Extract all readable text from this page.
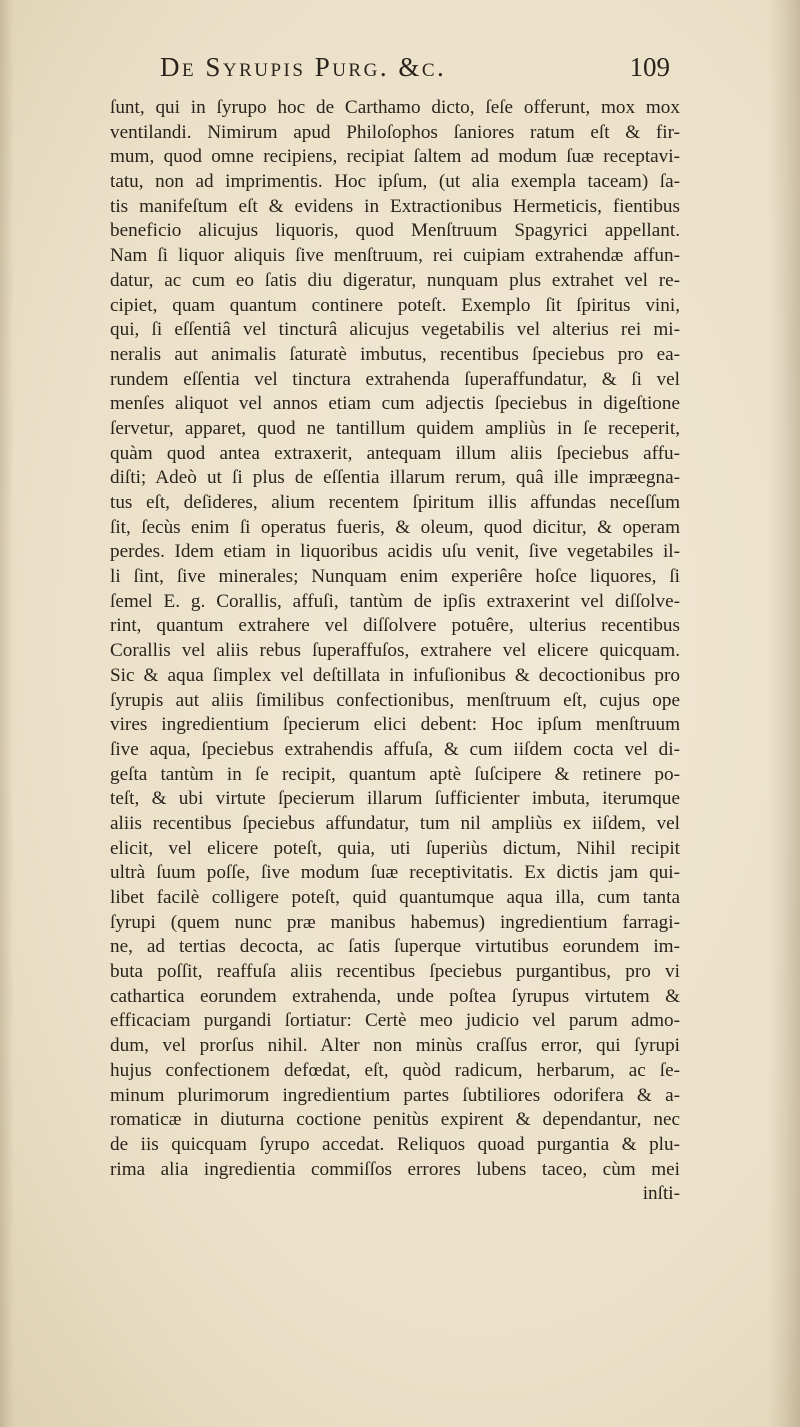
De Syrupis Purg. &c.	109
ſunt, qui in ſyrupo hoc de Carthamo dicto, ſeſe offerunt, mox mox
ventilandi. Nimirum apud Philoſophos ſaniores ratum eſt & fir-
mum, quod omne recipiens, recipiat ſaltem ad modum ſuæ receptavi-
tatu, non ad imprimentis. Hoc ipſum, (ut alia exempla taceam) ſa-
tis manifeſtum eſt & evidens in Extractionibus Hermeticis, fientibus
beneficio alicujus liquoris, quod Menſtruum Spagyrici appellant.
Nam ſi liquor aliquis ſive menſtruum, rei cuipiam extrahendæ affun-
datur, ac cum eo ſatis diu digeratur, nunquam plus extrahet vel re-
cipiet, quam quantum continere poteſt. Exemplo ſit ſpiritus vini,
qui, ſi eſſentiâ vel tincturâ alicujus vegetabilis vel alterius rei mi-
neralis aut animalis ſaturatè imbutus, recentibus ſpeciebus pro ea-
rundem eſſentia vel tinctura extrahenda ſuperaffundatur, & ſi vel
menſes aliquot vel annos etiam cum adjectis ſpeciebus in digeſtione
ſervetur, apparet, quod ne tantillum quidem ampliùs in ſe receperit,
quàm quod antea extraxerit, antequam illum aliis ſpeciebus affu-
diſti; Adeò ut ſi plus de eſſentia illarum rerum, quâ ille impræegna-
tus eſt, deſideres, alium recentem ſpiritum illis affundas neceſſum
ſit, ſecùs enim ſi operatus fueris, & oleum, quod dicitur, & operam
perdes. Idem etiam in liquoribus acidis uſu venit, ſive vegetabiles il-
li ſint, ſive minerales; Nunquam enim experiêre hoſce liquores, ſi
ſemel E. g. Corallis, affuſi, tantùm de ipſis extraxerint vel diſſolve-
rint, quantum extrahere vel diſſolvere potuêre, ulterius recentibus
Corallis vel aliis rebus ſuperaffuſos, extrahere vel elicere quicquam.
Sic & aqua ſimplex vel deſtillata in infuſionibus & decoctionibus pro
ſyrupis aut aliis ſimilibus confectionibus, menſtruum eſt, cujus ope
vires ingredientium ſpecierum elici debent: Hoc ipſum menſtruum
ſive aqua, ſpeciebus extrahendis affuſa, & cum iiſdem cocta vel di-
geſta tantùm in ſe recipit, quantum aptè ſuſcipere & retinere po-
teſt, & ubi virtute ſpecierum illarum ſufficienter imbuta, iterumque
aliis recentibus ſpeciebus affundatur, tum nil ampliùs ex iiſdem, vel
elicit, vel elicere poteſt, quia, uti ſuperiùs dictum, Nihil recipit
ultrà ſuum poſſe, ſive modum ſuæ receptivitatis. Ex dictis jam qui-
libet facilè colligere poteſt, quid quantumque aqua illa, cum tanta
ſyrupi (quem nunc præ manibus habemus) ingredientium farragi-
ne, ad tertias decocta, ac ſatis ſuperque virtutibus eorundem im-
buta poſſit, reaffuſa aliis recentibus ſpeciebus purgantibus, pro vi
cathartica eorundem extrahenda, unde poſtea ſyrupus virtutem &
efficaciam purgandi ſortiatur: Certè meo judicio vel parum admo-
dum, vel prorſus nihil. Alter non minùs craſſus error, qui ſyrupi
hujus confectionem defœdat, eſt, quòd radicum, herbarum, ac ſe-
minum plurimorum ingredientium partes ſubtiliores odorifera & a-
romaticæ in diuturna coctione penitùs expirent & dependantur, nec
de iis quicquam ſyrupo accedat. Reliquos quoad purgantia & plu-
rima alia ingredientia commiſſos errores lubens taceo, cùm mei
inſti-
